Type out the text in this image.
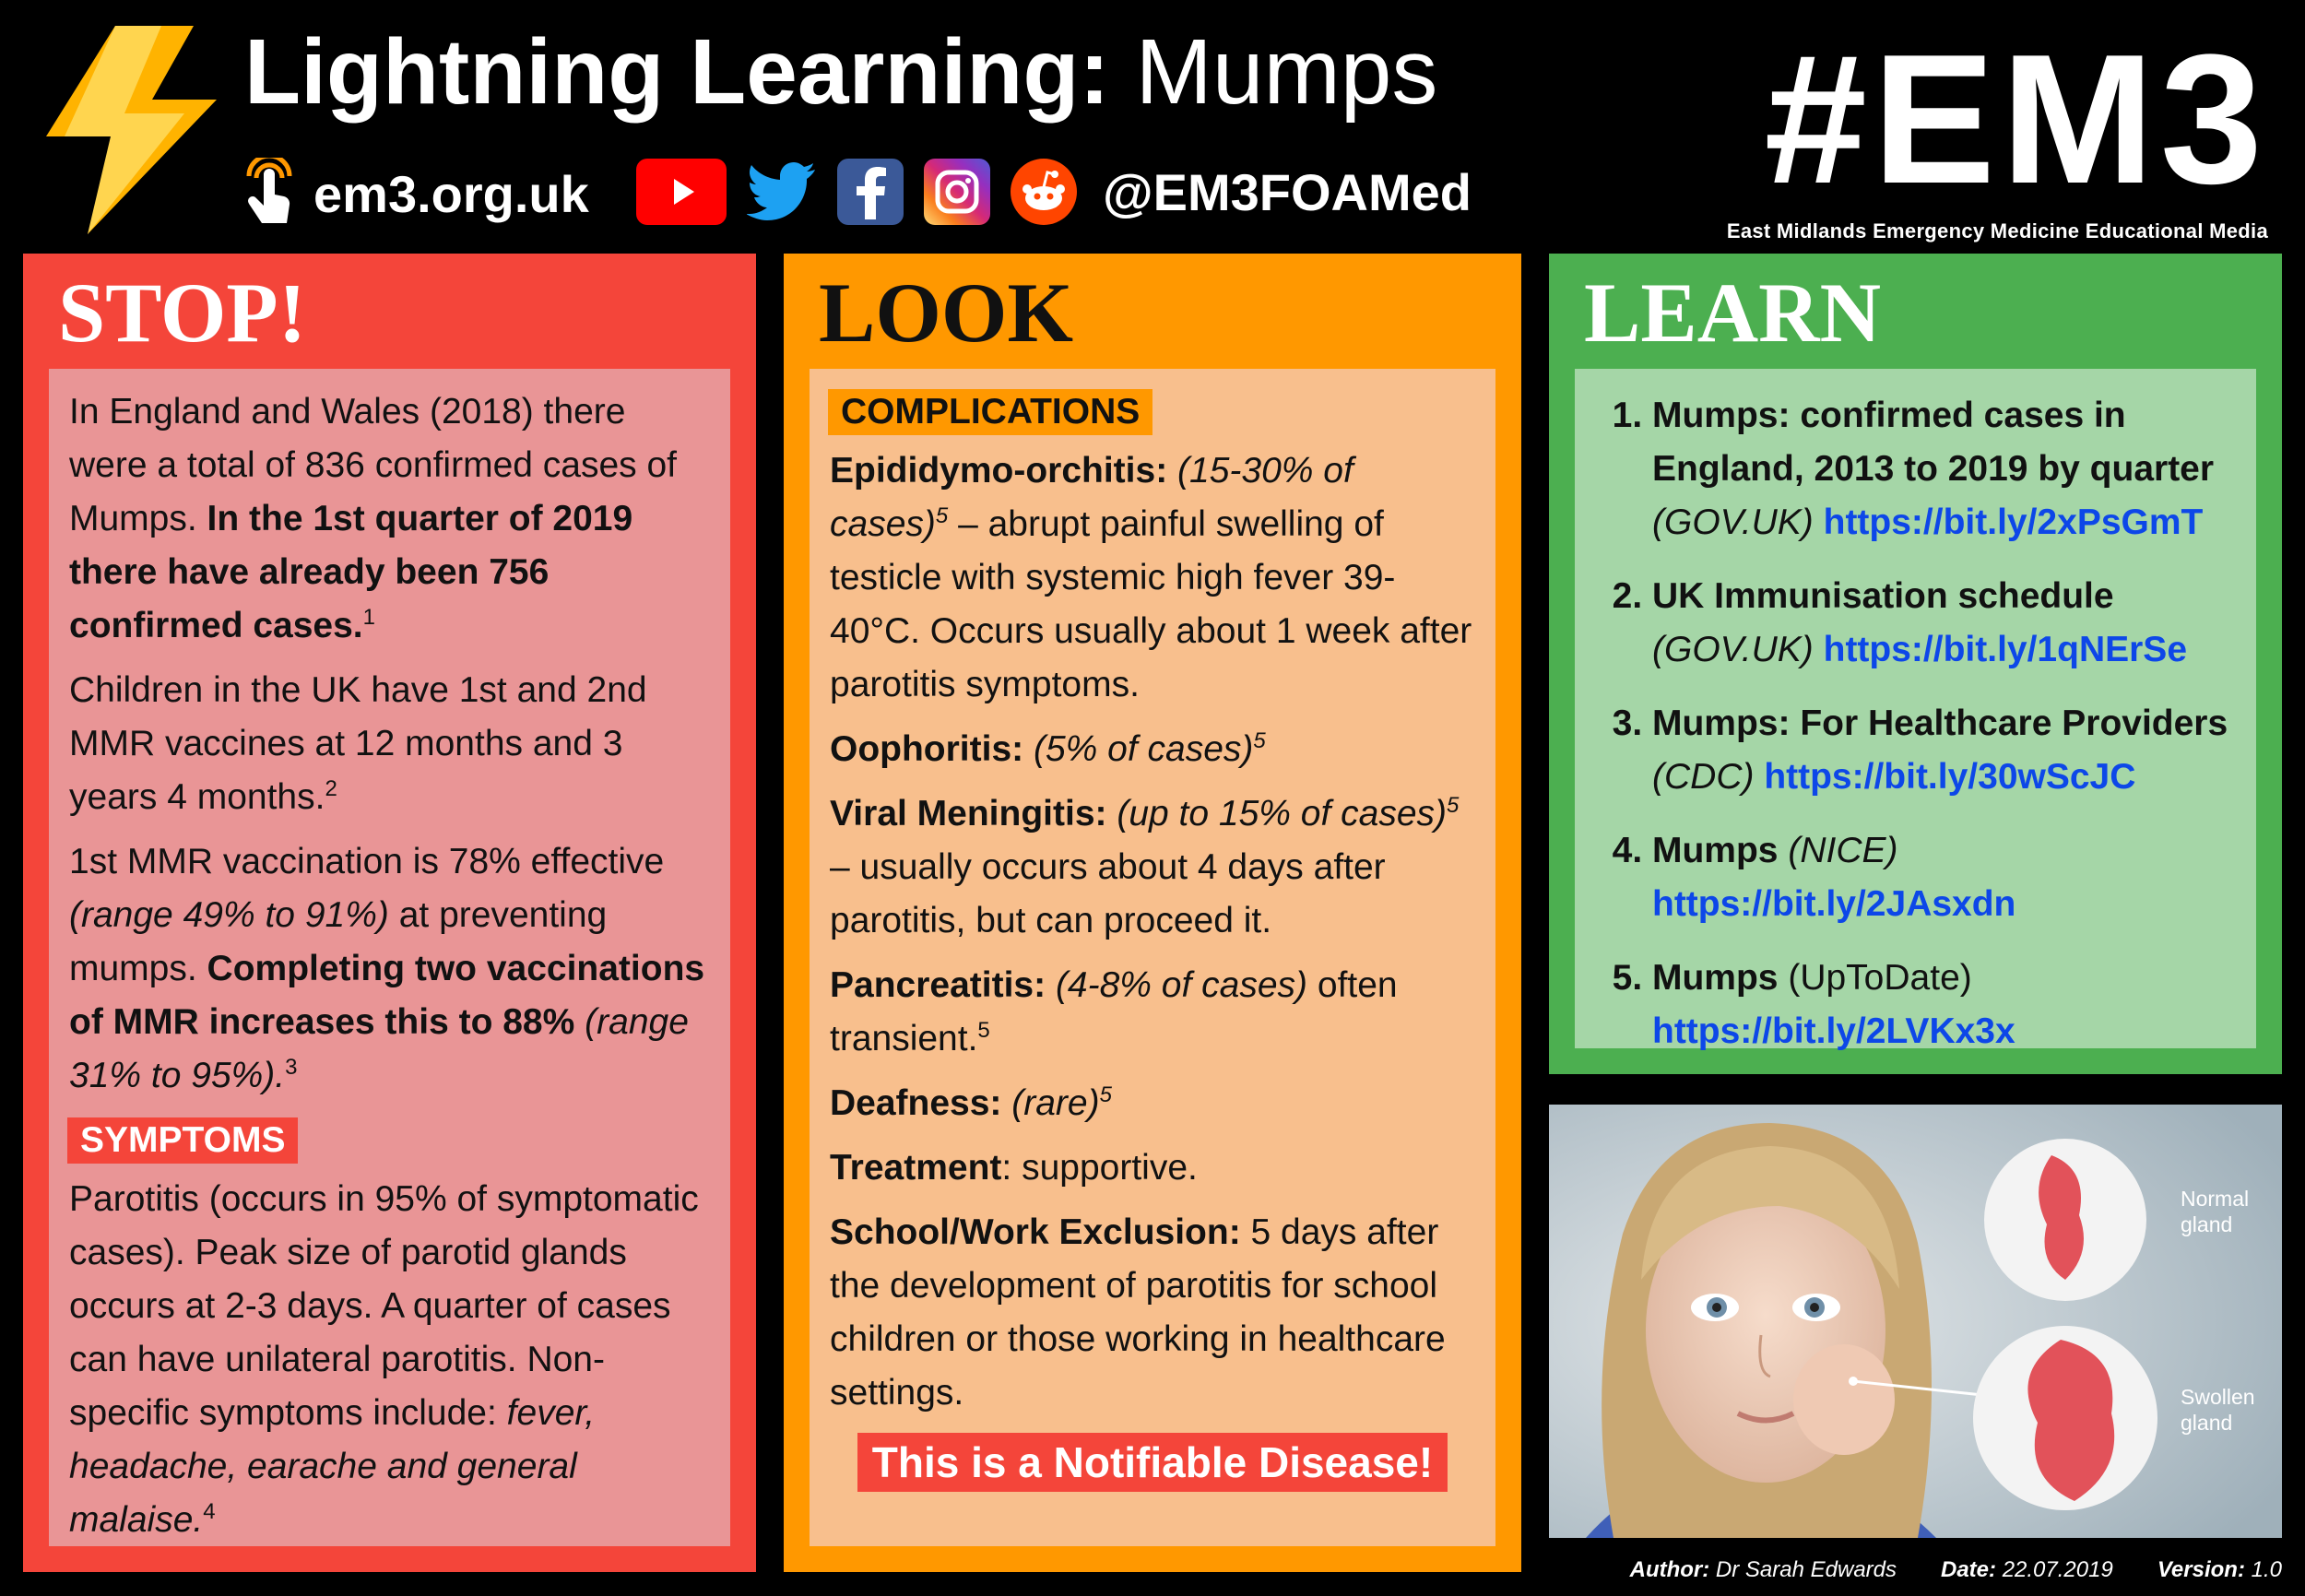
Lightning Learning: Mumps
em3.org.uk	@EM3FOAMed #EM3
East Midlands Emergency Medicine Educational Media
STOP!

In England and Wales (2018) there were a total of 836 confirmed cases of Mumps. In the 1st quarter of 2019 there have already been 756 confirmed cases.$^1$

Children in the UK have 1st and 2nd MMR vaccines at 12 months and 3 years 4 months.$^2$

1st MMR vaccination is 78% effective (range 49% to 91%) at preventing mumps. Completing two vaccinations of MMR increases this to 88% (range 31% to 95%).$^3$

SYMPTOMS

Parotitis (occurs in 95% of symptomatic cases). Peak size of parotid glands occurs at 2-3 days. A quarter of cases can have unilateral parotitis. Non-specific symptoms include: fever, headache, earache and general malaise.$^4$

LOOK
COMPLICATIONS

Epididymo-orchitis: (15-30% of cases)$^5$ – abrupt painful swelling of testicle with systemic high fever 39-40°C. Occurs usually about 1 week after parotitis symptoms.

Oophoritis: (5% of cases)$^5$

Viral Meningitis: (up to 15% of cases)$^5$ – usually occurs about 4 days after parotitis, but can proceed it.

Pancreatitis: (4-8% of cases) often transient.$^5$

Deafness: (rare)$^5$

Treatment: supportive.

School/Work Exclusion: 5 days after the development of parotitis for school children or those working in healthcare settings.

This is a Notifiable Disease!
LEARN
1. Mumps: confirmed cases in England, 2013 to 2019 by quarter
(GOV.UK) https://bit.ly/2xPsGmT
2. UK Immunisation schedule
(GOV.UK) https://bit.ly/1qNErSe
3. Mumps: For Healthcare Providers
(CDC) https://bit.ly/30wScJC
4. Mumps (NICE)
https://bit.ly/2JAsxdn
5. Mumps (UpToDate)
https://bit.ly/2LVKx3x
Normal
gland
Swollen
gland
Author: Dr Sarah Edwards Date: 22.07.2019 Version: 1.0
